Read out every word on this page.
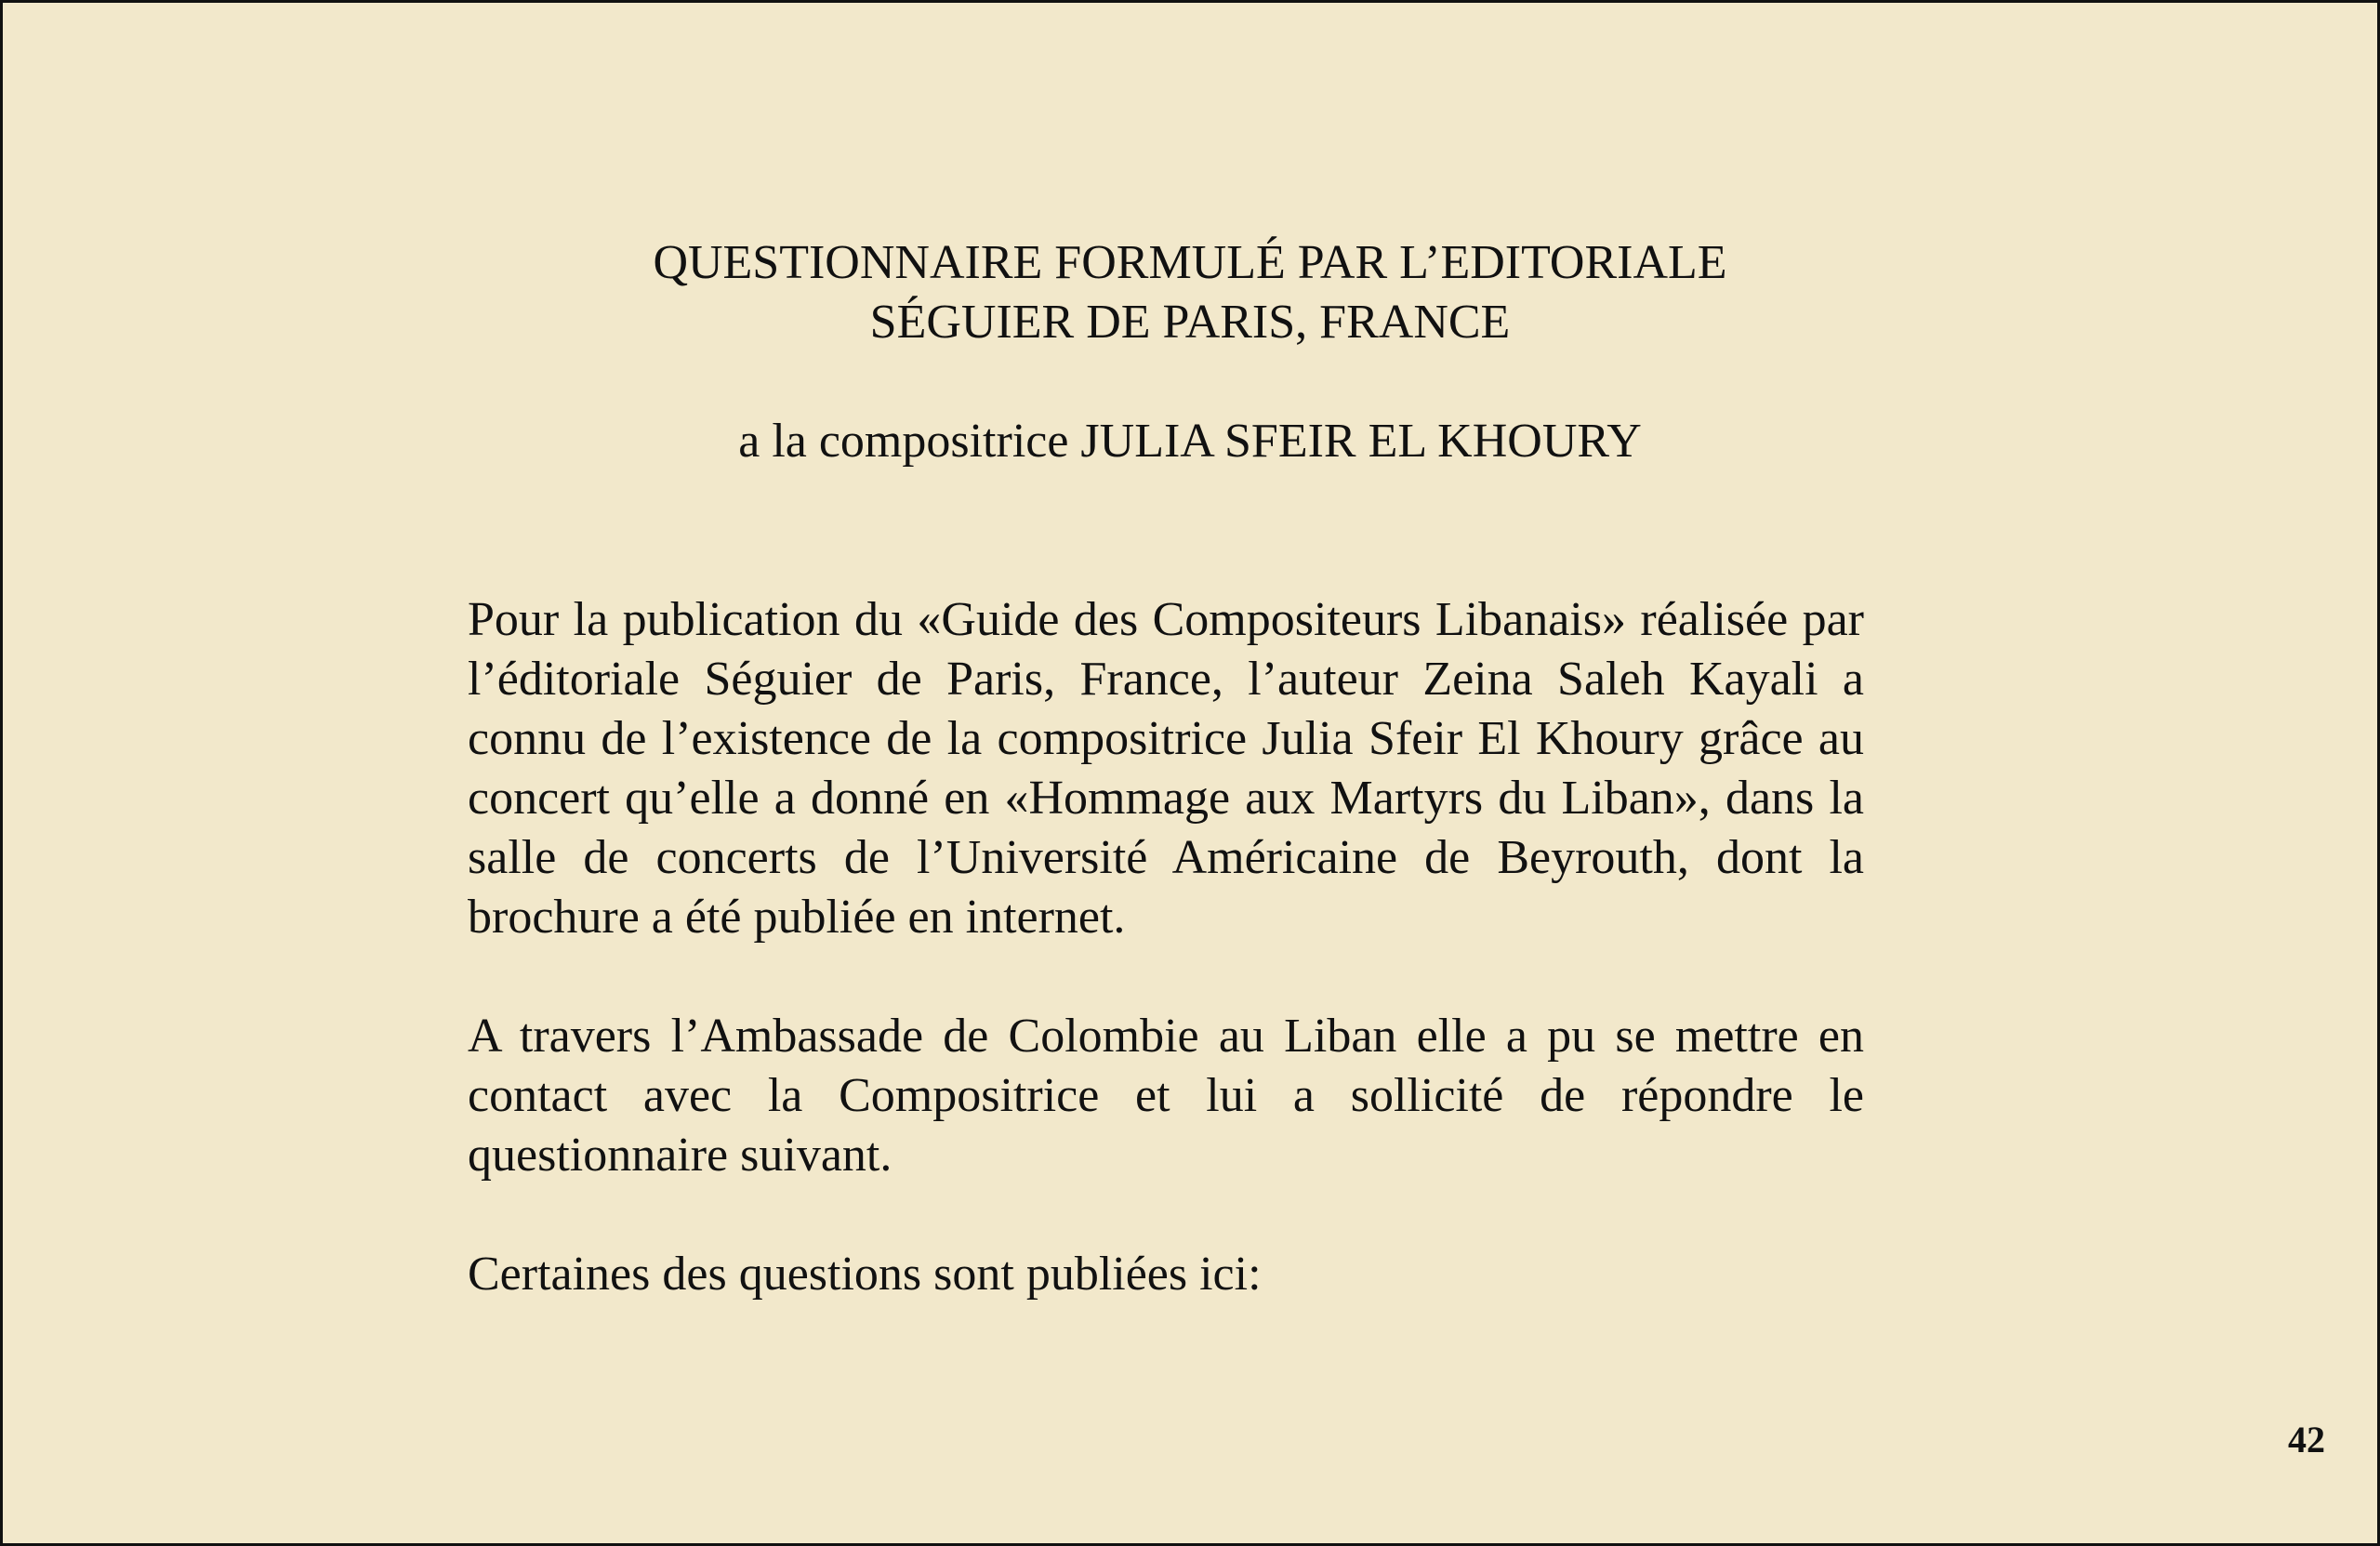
QUESTIONNAIRE FORMULÉ PAR L’EDITORIALE
SÉGUIER DE PARIS, FRANCE

a la compositrice JULIA SFEIR EL KHOURY

Pour la publication du «Guide des Compositeurs Libanais» réalisée par l’éditoriale Séguier de Paris, France, l’auteur Zeina Saleh Kayali a connu de l’existence de la compositrice Julia Sfeir El Khoury grâce au concert qu’elle a donné en «Hommage aux Martyrs du Liban», dans la salle de concerts de l’Université Américaine de Beyrouth, dont la brochure a été publiée en internet.

A travers l’Ambassade de Colombie au Liban elle a pu se mettre en contact avec la Compositrice et lui a sollicité de répondre le questionnaire suivant.

Certaines des questions sont publiées ici:

42
